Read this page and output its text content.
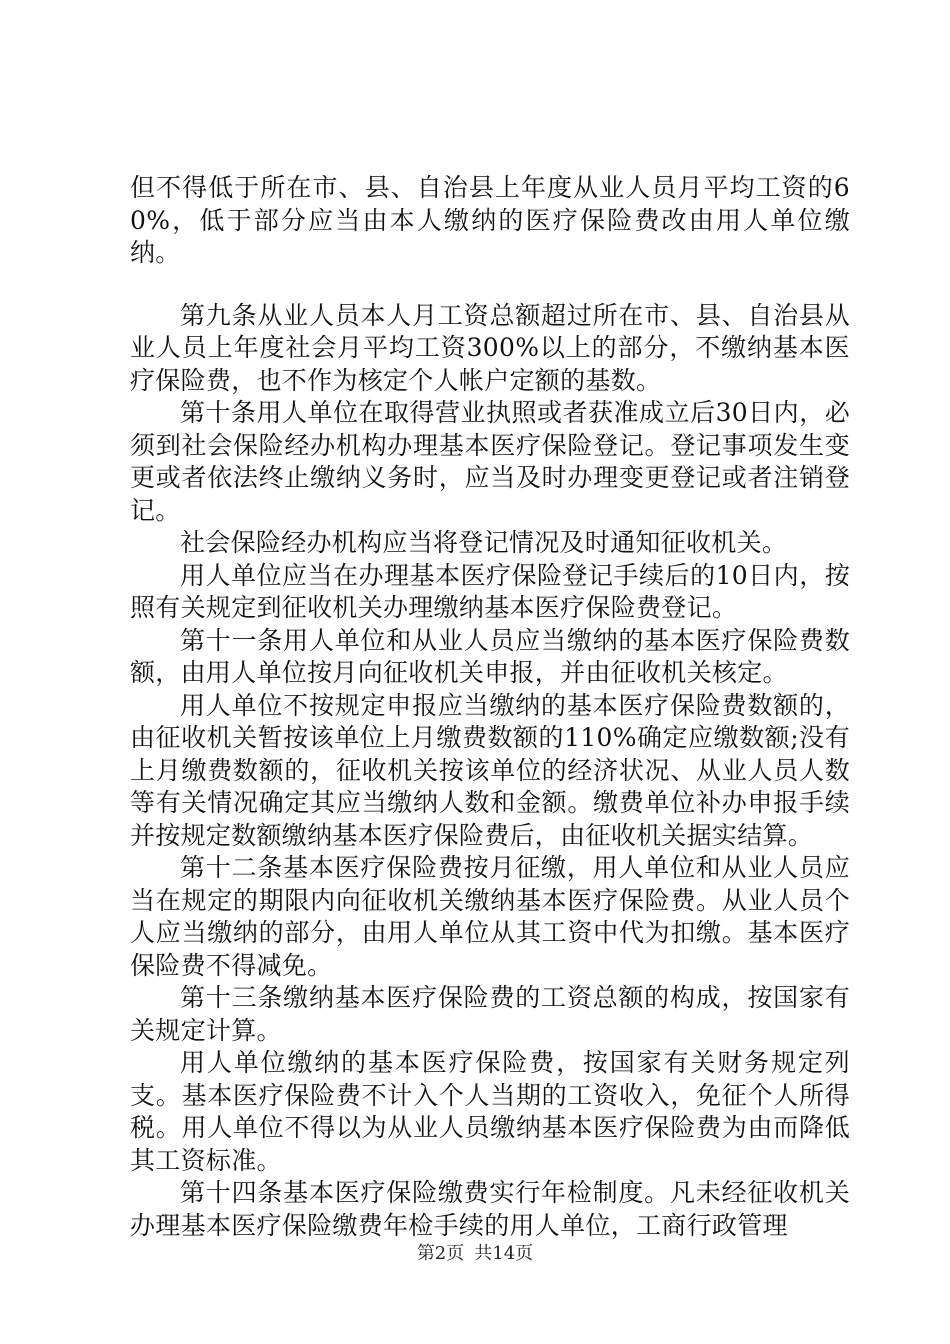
但不得低于所在市、县、自治县上年度从业人员月平均工资的60%，低于部分应当由本人缴纳的医疗保险费改由用人单位缴纳。

第九条从业人员本人月工资总额超过所在市、县、自治县从业人员上年度社会月平均工资300%以上的部分，不缴纳基本医疗保险费，也不作为核定个人帐户定额的基数。

第十条用人单位在取得营业执照或者获准成立后30日内，必须到社会保险经办机构办理基本医疗保险登记。登记事项发生变更或者依法终止缴纳义务时，应当及时办理变更登记或者注销登记。

社会保险经办机构应当将登记情况及时通知征收机关。

用人单位应当在办理基本医疗保险登记手续后的10日内，按照有关规定到征收机关办理缴纳基本医疗保险费登记。

第十一条用人单位和从业人员应当缴纳的基本医疗保险费数额，由用人单位按月向征收机关申报，并由征收机关核定。

用人单位不按规定申报应当缴纳的基本医疗保险费数额的，由征收机关暂按该单位上月缴费数额的110%确定应缴数额;没有上月缴费数额的，征收机关按该单位的经济状况、从业人员人数等有关情况确定其应当缴纳人数和金额。缴费单位补办申报手续并按规定数额缴纳基本医疗保险费后，由征收机关据实结算。

第十二条基本医疗保险费按月征缴，用人单位和从业人员应当在规定的期限内向征收机关缴纳基本医疗保险费。从业人员个人应当缴纳的部分，由用人单位从其工资中代为扣缴。基本医疗保险费不得减免。

第十三条缴纳基本医疗保险费的工资总额的构成，按国家有关规定计算。

用人单位缴纳的基本医疗保险费，按国家有关财务规定列支。基本医疗保险费不计入个人当期的工资收入，免征个人所得税。用人单位不得以为从业人员缴纳基本医疗保险费为由而降低其工资标准。

第十四条基本医疗保险缴费实行年检制度。凡未经征收机关办理基本医疗保险缴费年检手续的用人单位，工商行政管理

第2页 共14页
